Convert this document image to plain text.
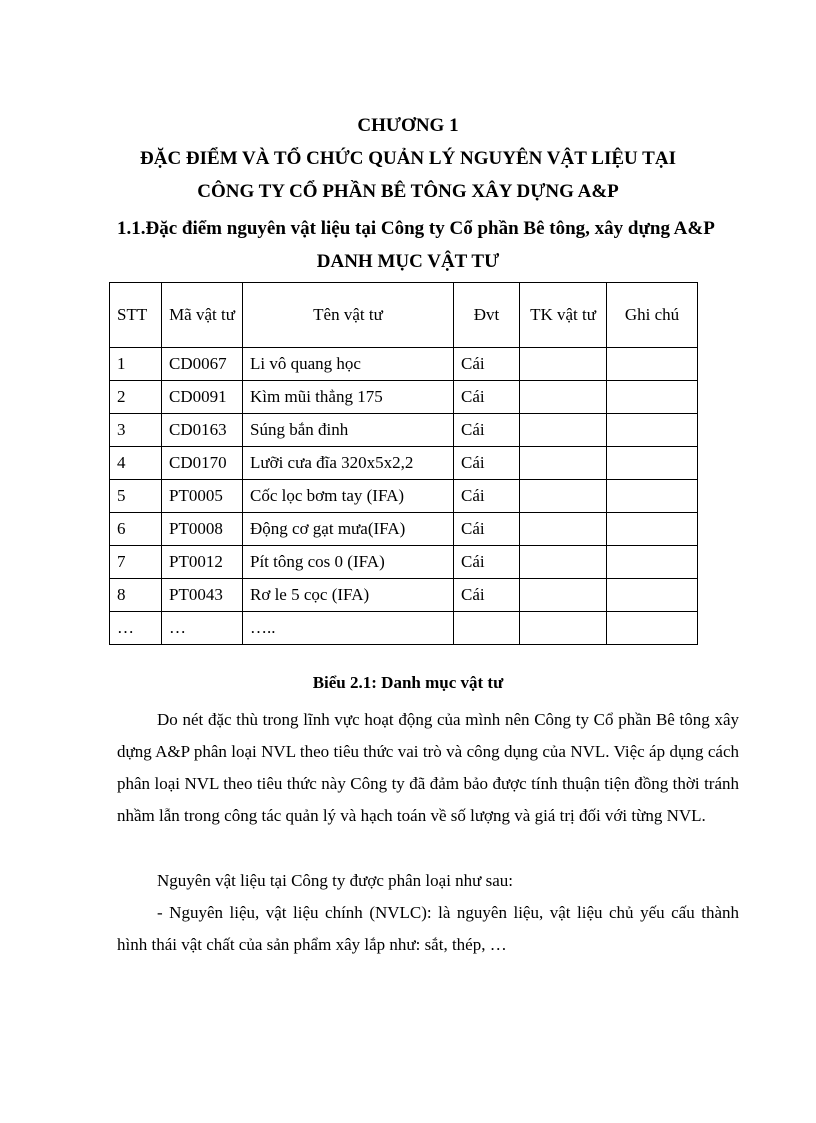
CHƯƠNG 1
ĐẶC ĐIỂM VÀ TỔ CHỨC QUẢN LÝ NGUYÊN VẬT LIỆU TẠI
CÔNG TY CỔ PHẦN BÊ TÔNG XÂY DỰNG A&P
1.1.Đặc điểm nguyên vật liệu tại Công ty Cổ phần Bê tông, xây dựng A&P
DANH MỤC VẬT TƯ
STT	Mã vật tư	Tên vật tư	Đvt	TK vật tư	Ghi chú
1	CD0067	Li vô quang học	Cái		
2	CD0091	Kìm mũi thẳng 175	Cái		
3	CD0163	Súng bắn đinh	Cái		
4	CD0170	Lưỡi cưa đĩa 320x5x2,2	Cái		
5	PT0005	Cốc lọc bơm tay (IFA)	Cái		
6	PT0008	Động cơ gạt mưa(IFA)	Cái		
7	PT0012	Pít tông cos 0 (IFA)	Cái		
8	PT0043	Rơ le 5 cọc (IFA)	Cái		
…	…	…..			

Biểu 2.1: Danh mục vật tư

Do nét đặc thù trong lĩnh vực hoạt động của mình nên Công ty Cổ phần Bê tông xây dựng A&P phân loại NVL theo tiêu thức vai trò và công dụng của NVL. Việc áp dụng cách phân loại NVL theo tiêu thức này Công ty đã đảm bảo được tính thuận tiện đồng thời tránh nhầm lẫn trong công tác quản lý và hạch toán về số lượng và giá trị đối với từng NVL.

Nguyên vật liệu tại Công ty được phân loại như sau:

- Nguyên liệu, vật liệu chính (NVLC): là nguyên liệu, vật liệu chủ yếu cấu thành hình thái vật chất của sản phẩm xây lắp như: sắt, thép, …
